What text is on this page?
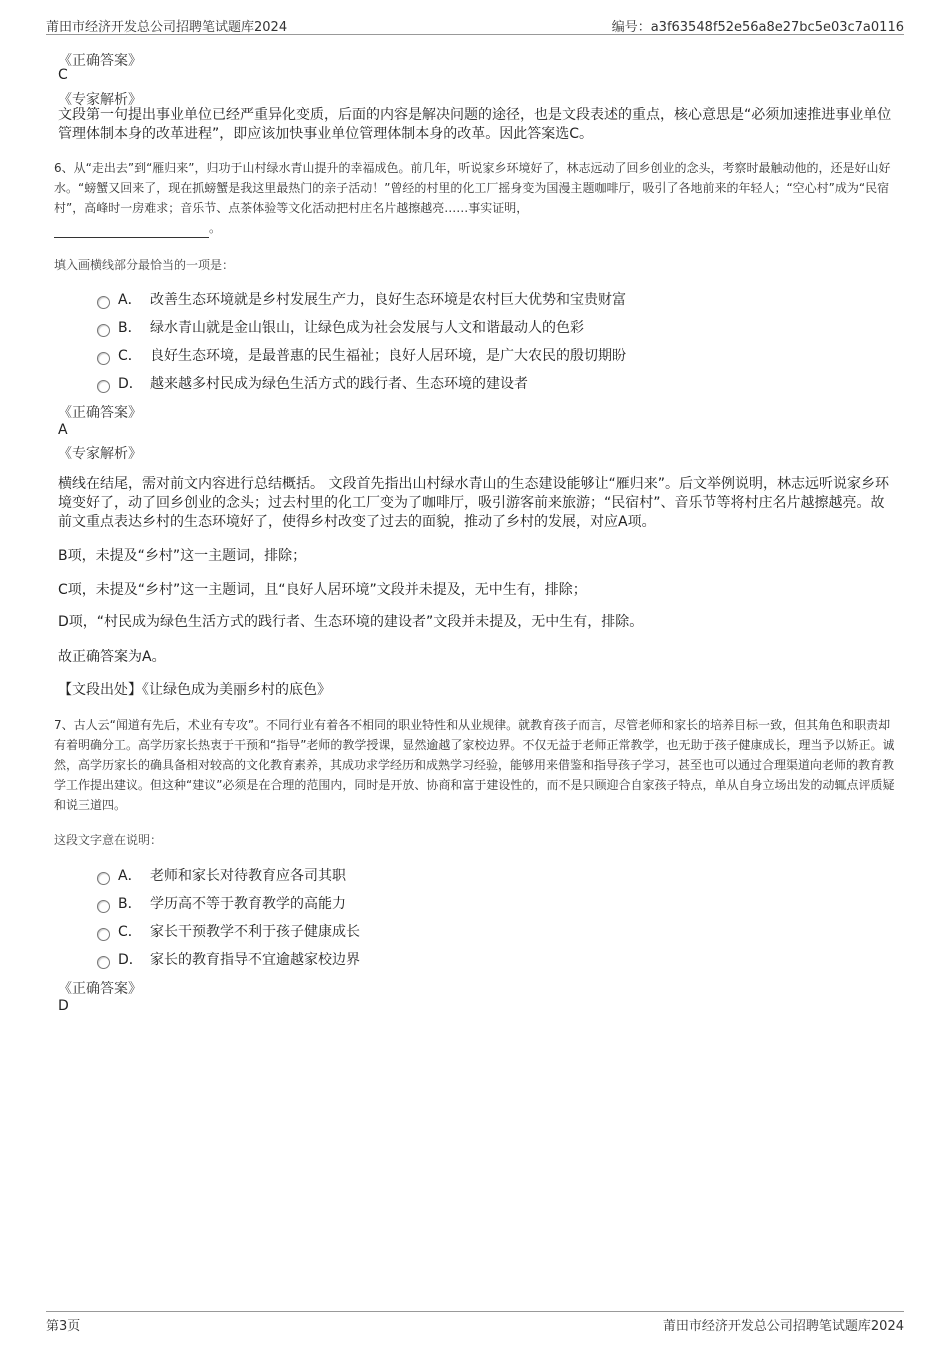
莆田市经济开发总公司招聘笔试题库2024	编号：a3f63548f52e56a8e27bc5e03c7a0116
《正确答案》
C
《专家解析》
文段第一句提出事业单位已经严重异化变质，后面的内容是解决问题的途径，也是文段表述的重点，核心意思是“必须加速推进事业单位管理体制本身的改革进程”，即应该加快事业单位管理体制本身的改革。因此答案选C。
6、从“走出去”到“雁归来”，归功于山村绿水青山提升的幸福成色。前几年，听说家乡环境好了，林志远动了回乡创业的念头，考察时最触动他的，还是好山好水。“螃蟹又回来了，现在抓螃蟹是我这里最热门的亲子活动！”曾经的村里的化工厂摇身变为国漫主题咖啡厅，吸引了各地前来的年轻人；“空心村”成为“民宿村”，高峰时一房难求；音乐节、点茶体验等文化活动把村庄名片越擦越亮……事实证明，
。
填入画横线部分最恰当的一项是：
A． 改善生态环境就是乡村发展生产力，良好生态环境是农村巨大优势和宝贵财富
B． 绿水青山就是金山银山，让绿色成为社会发展与人文和谐最动人的色彩
C． 良好生态环境，是最普惠的民生福祉；良好人居环境，是广大农民的殷切期盼
D． 越来越多村民成为绿色生活方式的践行者、生态环境的建设者
《正确答案》
A
《专家解析》
横线在结尾，需对前文内容进行总结概括。 文段首先指出山村绿水青山的生态建设能够让“雁归来”。后文举例说明，林志远听说家乡环境变好了，动了回乡创业的念头；过去村里的化工厂变为了咖啡厅，吸引游客前来旅游；“民宿村”、音乐节等将村庄名片越擦越亮。故前文重点表达乡村的生态环境好了，使得乡村改变了过去的面貌，推动了乡村的发展，对应A项。
B项，未提及“乡村”这一主题词，排除；
C项，未提及“乡村”这一主题词，且“良好人居环境”文段并未提及，无中生有，排除；
D项，“村民成为绿色生活方式的践行者、生态环境的建设者”文段并未提及，无中生有，排除。
故正确答案为A。
【文段出处】《让绿色成为美丽乡村的底色》
7、古人云“闻道有先后，术业有专攻”。不同行业有着各不相同的职业特性和从业规律。就教育孩子而言，尽管老师和家长的培养目标一致，但其角色和职责却有着明确分工。高学历家长热衷于干预和“指导”老师的教学授课，显然逾越了家校边界。不仅无益于老师正常教学，也无助于孩子健康成长，理当予以矫正。诚然，高学历家长的确具备相对较高的文化教育素养，其成功求学经历和成熟学习经验，能够用来借鉴和指导孩子学习，甚至也可以通过合理渠道向老师的教育教学工作提出建议。但这种“建议”必须是在合理的范围内，同时是开放、协商和富于建设性的，而不是只顾迎合自家孩子特点，单从自身立场出发的动辄点评质疑和说三道四。
这段文字意在说明：
A． 老师和家长对待教育应各司其职
B． 学历高不等于教育教学的高能力
C． 家长干预教学不利于孩子健康成长
D． 家长的教育指导不宜逾越家校边界
《正确答案》
D
第3页	莆田市经济开发总公司招聘笔试题库2024
